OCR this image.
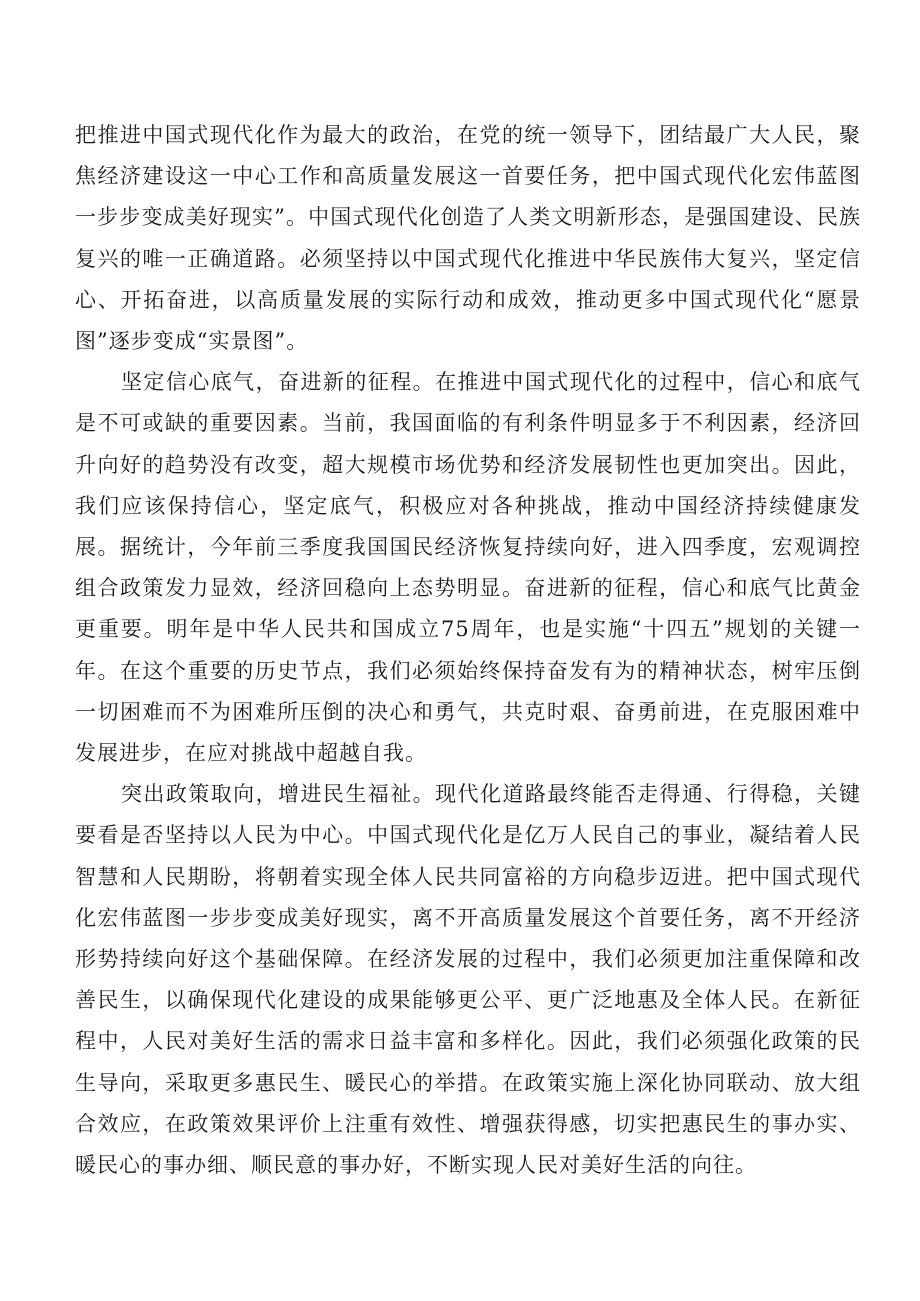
把推进中国式现代化作为最大的政治，在党的统一领导下，团结最广大人民，聚焦经济建设这一中心工作和高质量发展这一首要任务，把中国式现代化宏伟蓝图一步步变成美好现实”。中国式现代化创造了人类文明新形态，是强国建设、民族复兴的唯一正确道路。必须坚持以中国式现代化推进中华民族伟大复兴，坚定信心、开拓奋进，以高质量发展的实际行动和成效，推动更多中国式现代化“愿景图”逐步变成“实景图”。

坚定信心底气，奋进新的征程。在推进中国式现代化的过程中，信心和底气是不可或缺的重要因素。当前，我国面临的有利条件明显多于不利因素，经济回升向好的趋势没有改变，超大规模市场优势和经济发展韧性也更加突出。因此，我们应该保持信心，坚定底气，积极应对各种挑战，推动中国经济持续健康发展。据统计，今年前三季度我国国民经济恢复持续向好，进入四季度，宏观调控组合政策发力显效，经济回稳向上态势明显。奋进新的征程，信心和底气比黄金更重要。明年是中华人民共和国成立75周年，也是实施“十四五”规划的关键一年。在这个重要的历史节点，我们必须始终保持奋发有为的精神状态，树牢压倒一切困难而不为困难所压倒的决心和勇气，共克时艰、奋勇前进，在克服困难中发展进步，在应对挑战中超越自我。

突出政策取向，增进民生福祉。现代化道路最终能否走得通、行得稳，关键要看是否坚持以人民为中心。中国式现代化是亿万人民自己的事业，凝结着人民智慧和人民期盼，将朝着实现全体人民共同富裕的方向稳步迈进。把中国式现代化宏伟蓝图一步步变成美好现实，离不开高质量发展这个首要任务，离不开经济形势持续向好这个基础保障。在经济发展的过程中，我们必须更加注重保障和改善民生，以确保现代化建设的成果能够更公平、更广泛地惠及全体人民。在新征程中，人民对美好生活的需求日益丰富和多样化。因此，我们必须强化政策的民生导向，采取更多惠民生、暖民心的举措。在政策实施上深化协同联动、放大组合效应，在政策效果评价上注重有效性、增强获得感，切实把惠民生的事办实、暖民心的事办细、顺民意的事办好，不断实现人民对美好生活的向往。
